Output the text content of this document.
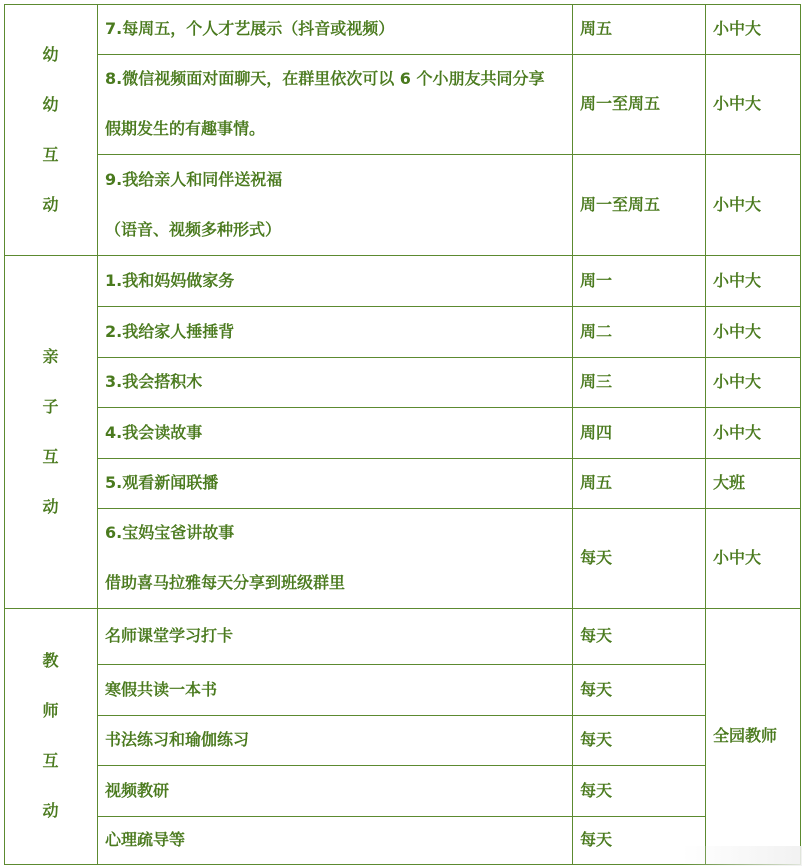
幼
幼
互
动
7.每周五，个人才艺展示（抖音或视频）	周五	小中大
8.微信视频面对面聊天，在群里依次可以 6 个小朋友共同分享
假期发生的有趣事情。
周一至周五	小中大
9.我给亲人和同伴送祝福
（语音、视频多种形式）
周一至周五	小中大
亲
子
互
动
1.我和妈妈做家务	周一	小中大
2.我给家人捶捶背	周二	小中大
3.我会搭积木	周三	小中大
4.我会读故事	周四	小中大
5.观看新闻联播	周五	大班
6.宝妈宝爸讲故事
借助喜马拉雅每天分享到班级群里
每天	小中大
教
师
互
动
名师课堂学习打卡	每天
寒假共读一本书	每天
书法练习和瑜伽练习	每天
视频教研	每天
心理疏导等	每天
全园教师
